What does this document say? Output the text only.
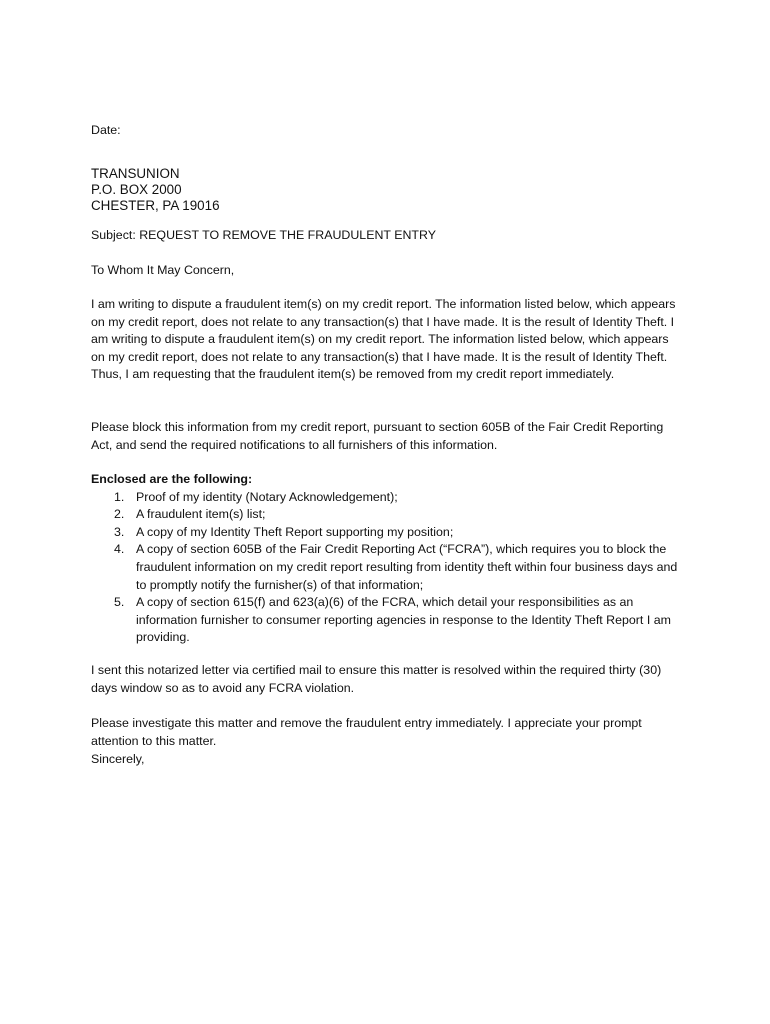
Date:

TRANSUNION
P.O. BOX 2000
CHESTER, PA 19016

Subject: REQUEST TO REMOVE THE FRAUDULENT ENTRY

To Whom It May Concern,

I am writing to dispute a fraudulent item(s) on my credit report. The information listed below, which appears on my credit report, does not relate to any transaction(s) that I have made. It is the result of Identity Theft. I am writing to dispute a fraudulent item(s) on my credit report. The information listed below, which appears on my credit report, does not relate to any transaction(s) that I have made. It is the result of Identity Theft. Thus, I am requesting that the fraudulent item(s) be removed from my credit report immediately.

Please block this information from my credit report, pursuant to section 605B of the Fair Credit Reporting Act, and send the required notifications to all furnishers of this information.

Enclosed are the following:

1. Proof of my identity (Notary Acknowledgement);
2. A fraudulent item(s) list;
3. A copy of my Identity Theft Report supporting my position;
4. A copy of section 605B of the Fair Credit Reporting Act (“FCRA”), which requires you to block the fraudulent information on my credit report resulting from identity theft within four business days and to promptly notify the furnisher(s) of that information;
5. A copy of section 615(f) and 623(a)(6) of the FCRA, which detail your responsibilities as an information furnisher to consumer reporting agencies in response to the Identity Theft Report I am providing.

I sent this notarized letter via certified mail to ensure this matter is resolved within the required thirty (30) days window so as to avoid any FCRA violation.

Please investigate this matter and remove the fraudulent entry immediately. I appreciate your prompt attention to this matter.

Sincerely,
